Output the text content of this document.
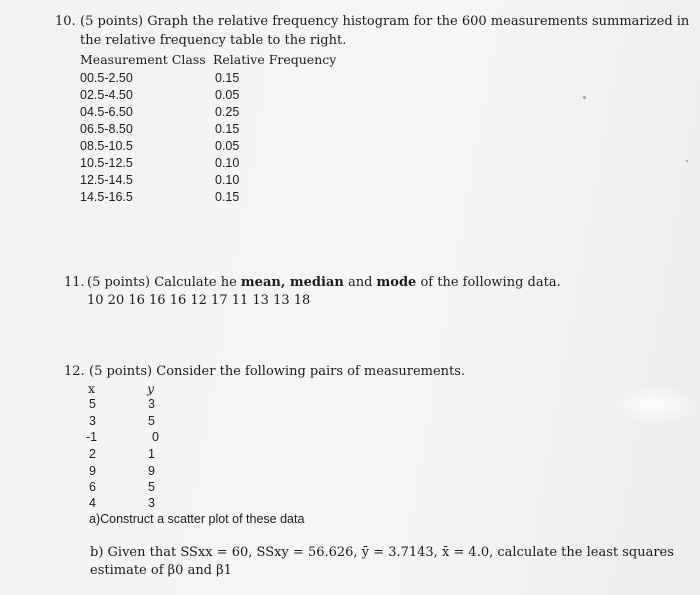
10. (5 points) Graph the relative frequency histogram for the 600 measurements summarized in
the relative frequency table to the right.
Measurement Class Relative Frequency
00.5-2.50	0.15
02.5-4.50	0.05
04.5-6.50	0.25
06.5-8.50	0.15
08.5-10.5	0.05
10.5-12.5	0.10
12.5-14.5	0.10
14.5-16.5	0.15
11. (5 points) Calculate he mean, median and mode of the following data.
10 20 16 16 16 12 17 11 13 13 18
12. (5 points) Consider the following pairs of measurements.
x	y
5	3
3	5
-1	0
2	1
9	9
6	5
4	3
a)Construct a scatter plot of these data
b) Given that SSxx = 60, SSxy = 56.626, ȳ = 3.7143, x̄ = 4.0, calculate the least squares
estimate of β0 and β1
